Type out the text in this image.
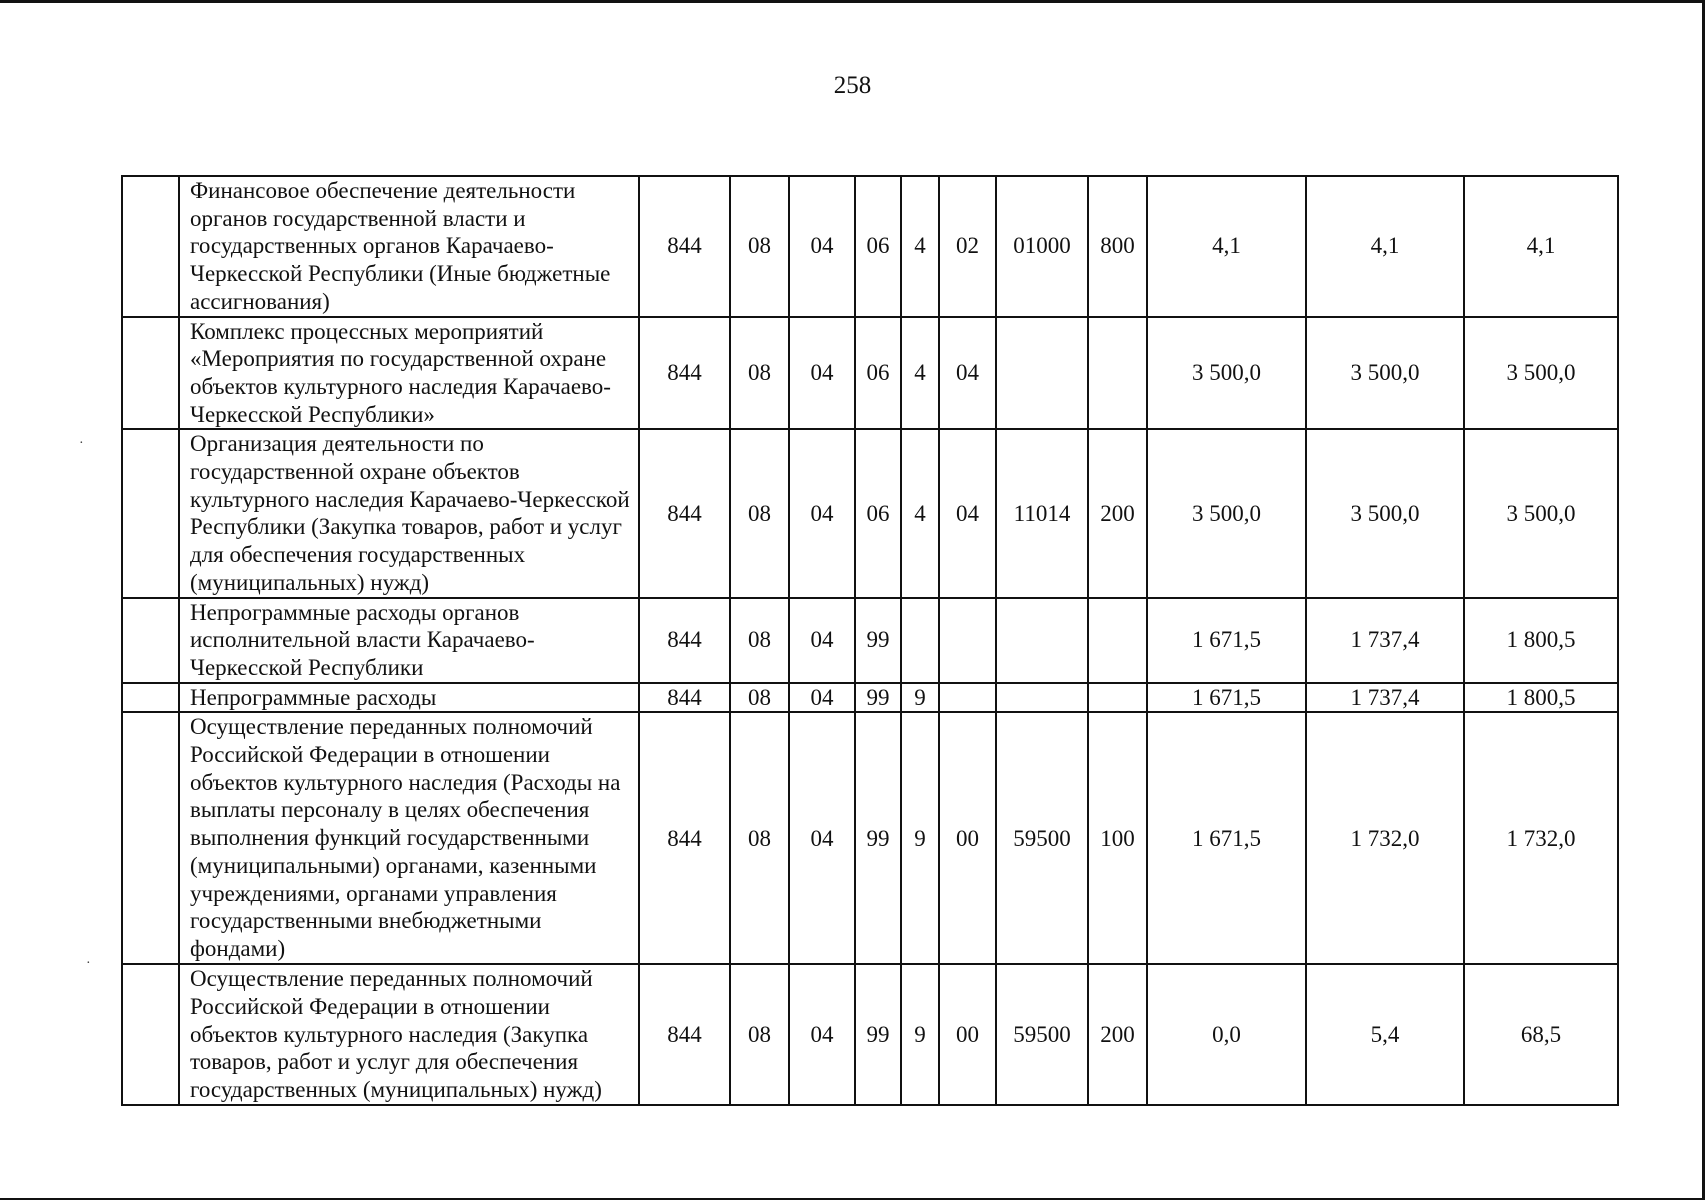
258
·
·
	Финансовое обеспечение деятельности органов государственной власти и государственных органов Карачаево-Черкесской Республики (Иные бюджетные ассигнования)	844	08	04	06	4	02	01000	800	4,1	4,1	4,1
	Комплекс процессных мероприятий «Мероприятия по государственной охране объектов культурного наследия Карачаево-Черкесской Республики»	844	08	04	06	4	04			3 500,0	3 500,0	3 500,0
	Организация деятельности по государственной охране объектов культурного наследия Карачаево-Черкесской Республики (Закупка товаров, работ и услуг для обеспечения государственных (муниципальных) нужд)	844	08	04	06	4	04	11014	200	3 500,0	3 500,0	3 500,0
	Непрограммные расходы органов исполнительной власти Карачаево-Черкесской Республики	844	08	04	99					1 671,5	1 737,4	1 800,5
	Непрограммные расходы	844	08	04	99	9				1 671,5	1 737,4	1 800,5
	Осуществление переданных полномочий Российской Федерации в отношении объектов культурного наследия (Расходы на выплаты персоналу в целях обеспечения выполнения функций государственными (муниципальными) органами, казенными учреждениями, органами управления государственными внебюджетными фондами)	844	08	04	99	9	00	59500	100	1 671,5	1 732,0	1 732,0
	Осуществление переданных полномочий Российской Федерации в отношении объектов культурного наследия (Закупка товаров, работ и услуг для обеспечения государственных (муниципальных) нужд)	844	08	04	99	9	00	59500	200	0,0	5,4	68,5
